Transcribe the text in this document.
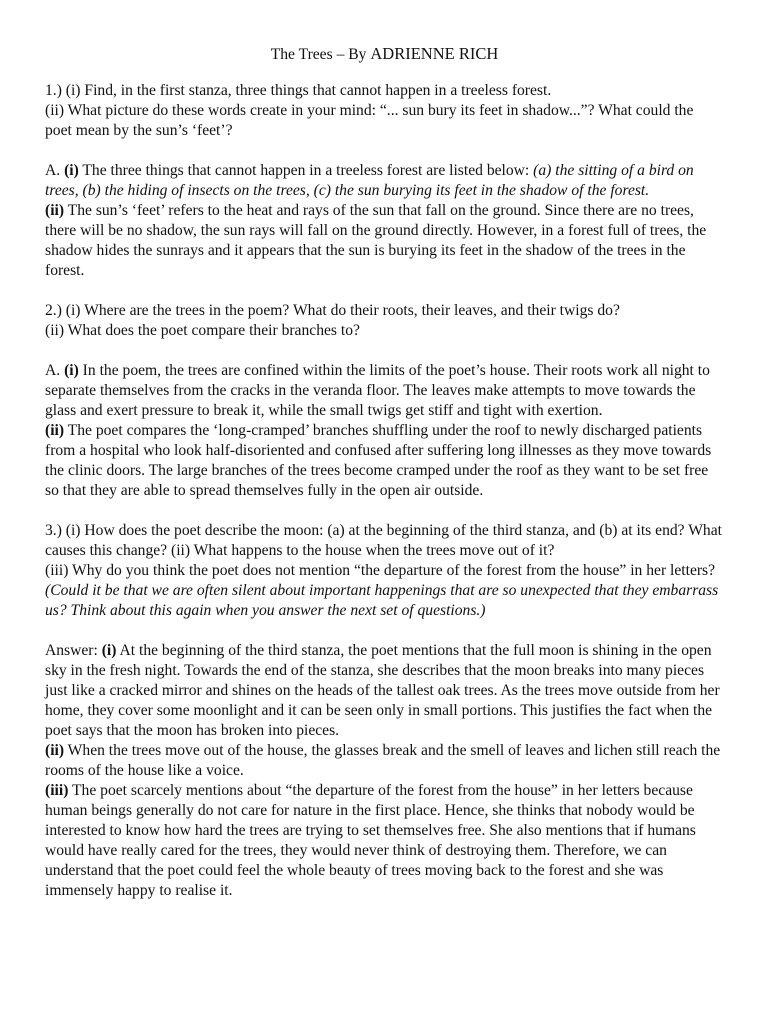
The Trees – By ADRIENNE RICH

1.) (i) Find, in the first stanza, three things that cannot happen in a treeless forest.

(ii) What picture do these words create in your mind: “... sun bury its feet in shadow...”? What could the poet mean by the sun’s ‘feet’?

A. (i) The three things that cannot happen in a treeless forest are listed below: (a) the sitting of a bird on trees, (b) the hiding of insects on the trees, (c) the sun burying its feet in the shadow of the forest.

(ii) The sun’s ‘feet’ refers to the heat and rays of the sun that fall on the ground. Since there are no trees, there will be no shadow, the sun rays will fall on the ground directly. However, in a forest full of trees, the shadow hides the sunrays and it appears that the sun is burying its feet in the shadow of the trees in the forest.

2.) (i) Where are the trees in the poem? What do their roots, their leaves, and their twigs do?

(ii) What does the poet compare their branches to?

A. (i) In the poem, the trees are confined within the limits of the poet’s house. Their roots work all night to separate themselves from the cracks in the veranda floor. The leaves make attempts to move towards the glass and exert pressure to break it, while the small twigs get stiff and tight with exertion.

(ii) The poet compares the ‘long-cramped’ branches shuffling under the roof to newly discharged patients from a hospital who look half-disoriented and confused after suffering long illnesses as they move towards the clinic doors. The large branches of the trees become cramped under the roof as they want to be set free so that they are able to spread themselves fully in the open air outside.

3.) (i) How does the poet describe the moon: (a) at the beginning of the third stanza, and (b) at its end? What causes this change? (ii) What happens to the house when the trees move out of it?

(iii) Why do you think the poet does not mention “the departure of the forest from the house” in her letters? (Could it be that we are often silent about important happenings that are so unexpected that they embarrass us? Think about this again when you answer the next set of questions.)

Answer: (i) At the beginning of the third stanza, the poet mentions that the full moon is shining in the open sky in the fresh night. Towards the end of the stanza, she describes that the moon breaks into many pieces just like a cracked mirror and shines on the heads of the tallest oak trees. As the trees move outside from her home, they cover some moonlight and it can be seen only in small portions. This justifies the fact when the poet says that the moon has broken into pieces.

(ii) When the trees move out of the house, the glasses break and the smell of leaves and lichen still reach the rooms of the house like a voice.

(iii) The poet scarcely mentions about “the departure of the forest from the house” in her letters because human beings generally do not care for nature in the first place. Hence, she thinks that nobody would be interested to know how hard the trees are trying to set themselves free. She also mentions that if humans would have really cared for the trees, they would never think of destroying them. Therefore, we can understand that the poet could feel the whole beauty of trees moving back to the forest and she was immensely happy to realise it.
